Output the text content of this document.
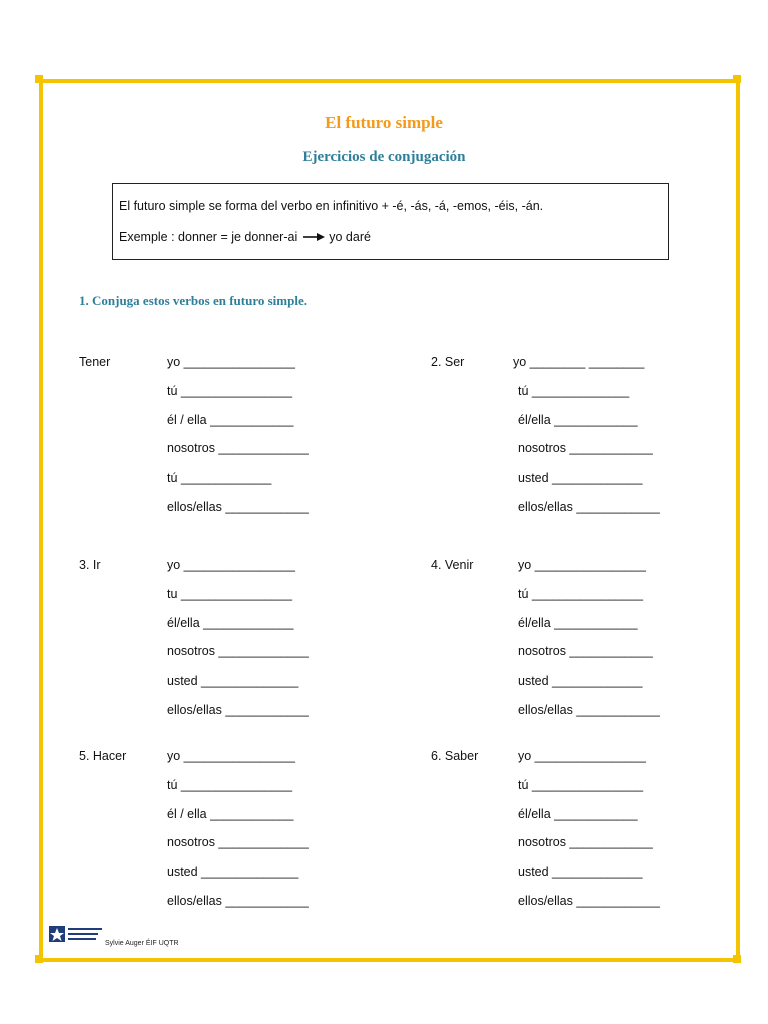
El futuro simple
Ejercicios de conjugación
El futuro simple se forma del verbo en infinitivo + -é, -ás, -á, -emos, -éis, -án.
Exemple : donner = je donner-ai	yo daré
1. Conjuga estos verbos en futuro simple.
Tener	yo ________________
tú ________________
él / ella ____________
nosotros _____________
tú _____________
ellos/ellas ____________
2. Ser	yo ________ ________
tú ______________
él/ella ____________
nosotros ____________
usted _____________
ellos/ellas ____________
3. Ir	yo ________________
tu ________________
él/ella _____________
nosotros _____________
usted ______________
ellos/ellas ____________
4. Venir	yo ________________
tú ________________
él/ella ____________
nosotros ____________
usted _____________
ellos/ellas ____________
5. Hacer	yo ________________
tú ________________
él / ella ____________
nosotros _____________
usted ______________
ellos/ellas ____________
6. Saber	yo ________________
tú ________________
él/ella ____________
nosotros ____________
usted _____________
ellos/ellas ____________
Sylvie Auger ÉIF UQTR
